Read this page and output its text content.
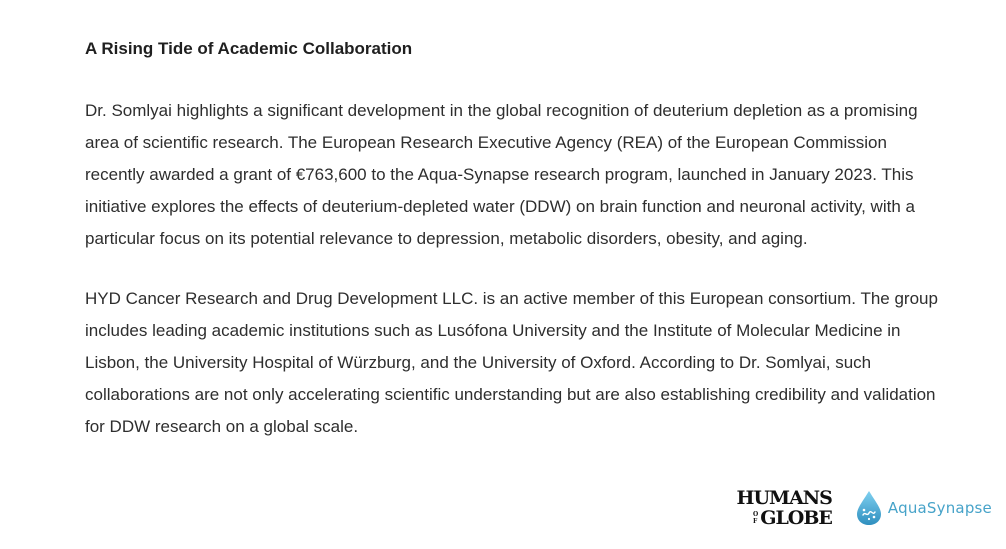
A Rising Tide of Academic Collaboration

Dr. Somlyai highlights a significant development in the global recognition of deuterium depletion as a promising area of scientific research. The European Research Executive Agency (REA) of the European Commission recently awarded a grant of €763,600 to the Aqua-Synapse research program, launched in January 2023. This initiative explores the effects of deuterium-depleted water (DDW) on brain function and neuronal activity, with a particular focus on its potential relevance to depression, metabolic disorders, obesity, and aging.

HYD Cancer Research and Drug Development LLC. is an active member of this European consortium. The group includes leading academic institutions such as Lusófona University and the Institute of Molecular Medicine in Lisbon, the University Hospital of Würzburg, and the University of Oxford. According to Dr. Somlyai, such collaborations are not only accelerating scientific understanding but are also establishing credibility and validation for DDW research on a global scale.

HUMANS
O
F GLOBE	AquaSynapse
